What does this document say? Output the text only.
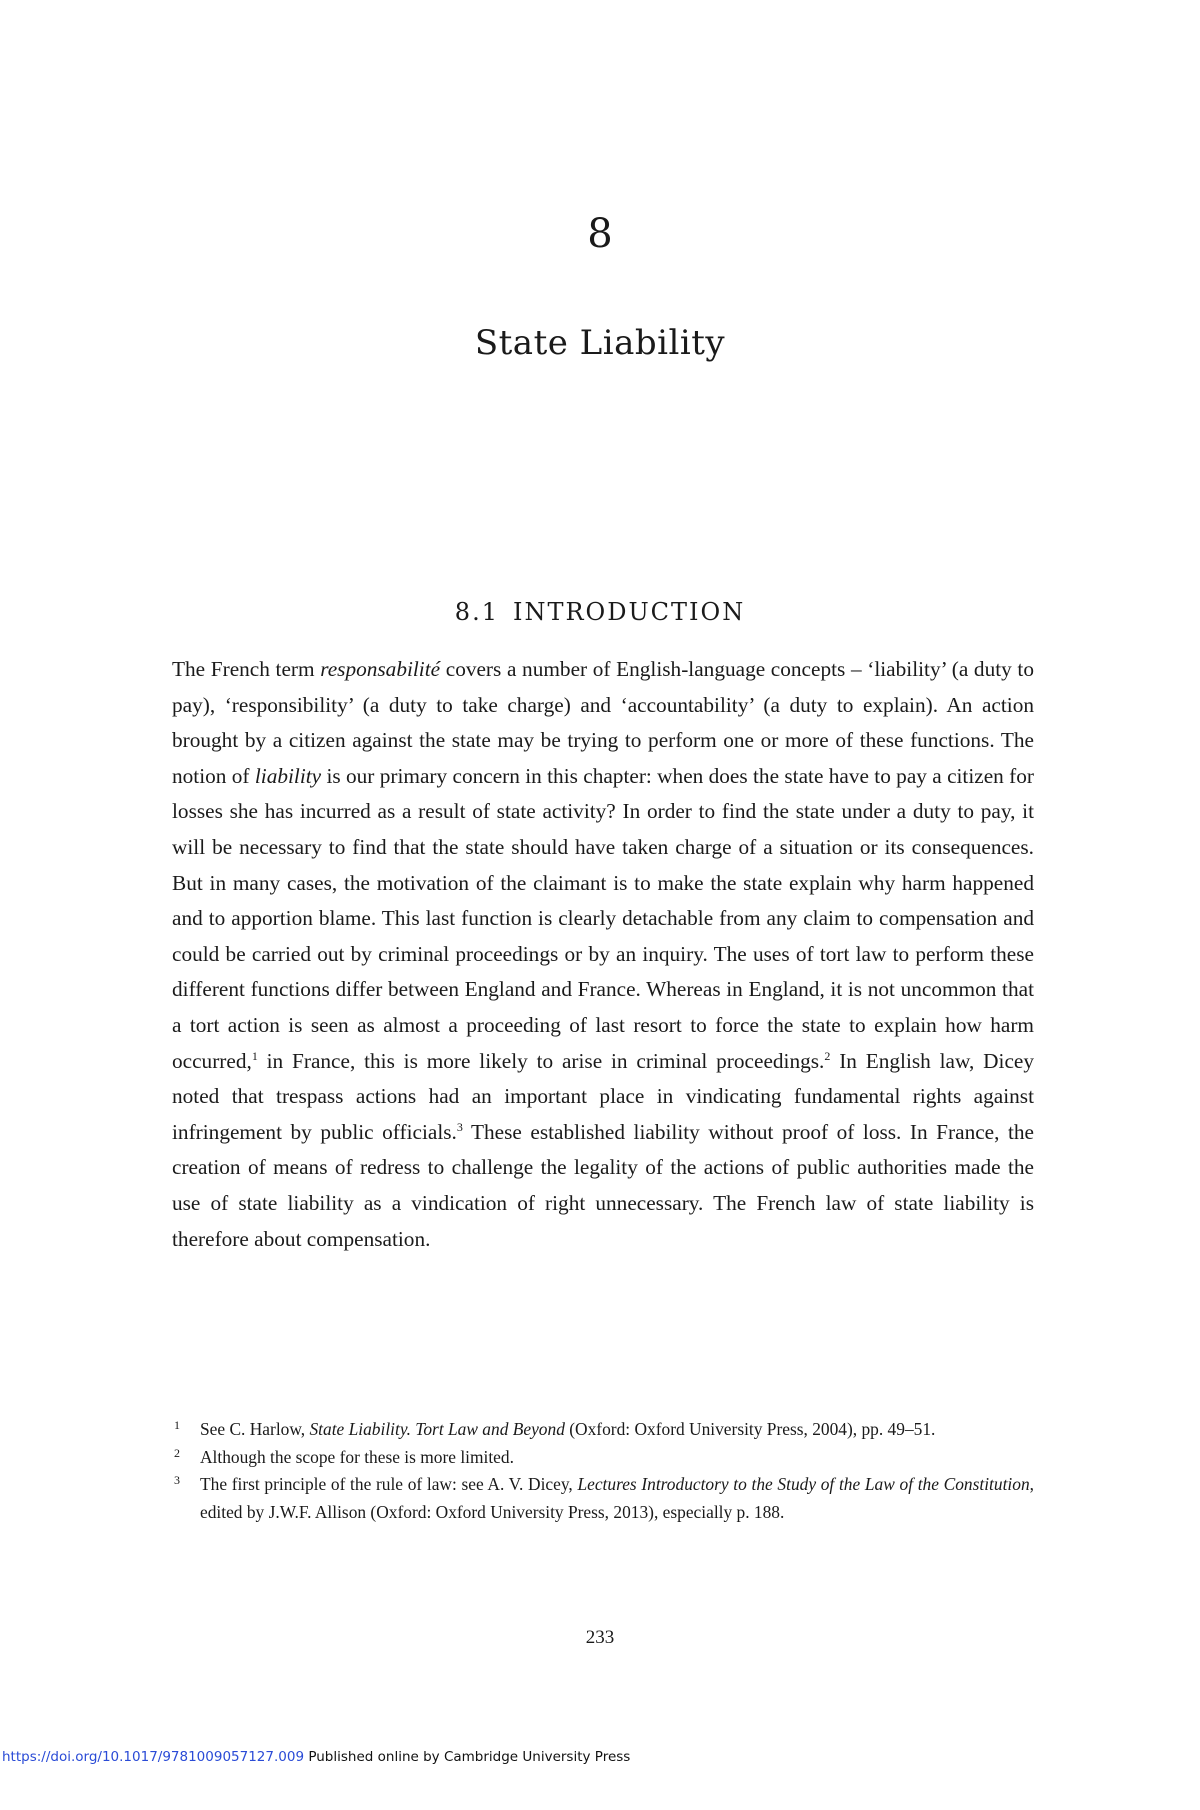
8
State Liability
8.1 INTRODUCTION

The French term responsabilité covers a number of English-language concepts – ‘liability’ (a duty to pay), ‘responsibility’ (a duty to take charge) and ‘accountability’ (a duty to explain). An action brought by a citizen against the state may be trying to perform one or more of these functions. The notion of liability is our primary concern in this chapter: when does the state have to pay a citizen for losses she has incurred as a result of state activity? In order to find the state under a duty to pay, it will be necessary to find that the state should have taken charge of a situation or its consequences. But in many cases, the motivation of the claimant is to make the state explain why harm happened and to apportion blame. This last function is clearly detachable from any claim to compensation and could be carried out by criminal proceedings or by an inquiry. The uses of tort law to perform these different functions differ between England and France. Whereas in England, it is not uncommon that a tort action is seen as almost a proceeding of last resort to force the state to explain how harm occurred,$^1$ in France, this is more likely to arise in criminal proceedings.$^2$ In English law, Dicey noted that trespass actions had an important place in vindicating fundamental rights against infringement by public officials.$^3$ These established liability without proof of loss. In France, the creation of means of redress to challenge the legality of the actions of public authorities made the use of state liability as a vindication of right unnecessary. The French law of state liability is therefore about compensation.

1 See C. Harlow, State Liability. Tort Law and Beyond (Oxford: Oxford University Press, 2004), pp. 49–51.

2 Although the scope for these is more limited.

3 The first principle of the rule of law: see A. V. Dicey, Lectures Introductory to the Study of the Law of the Constitution, edited by J.W.F. Allison (Oxford: Oxford University Press, 2013), especially p. 188.

233
https://doi.org/10.1017/9781009057127.009 Published online by Cambridge University Press
